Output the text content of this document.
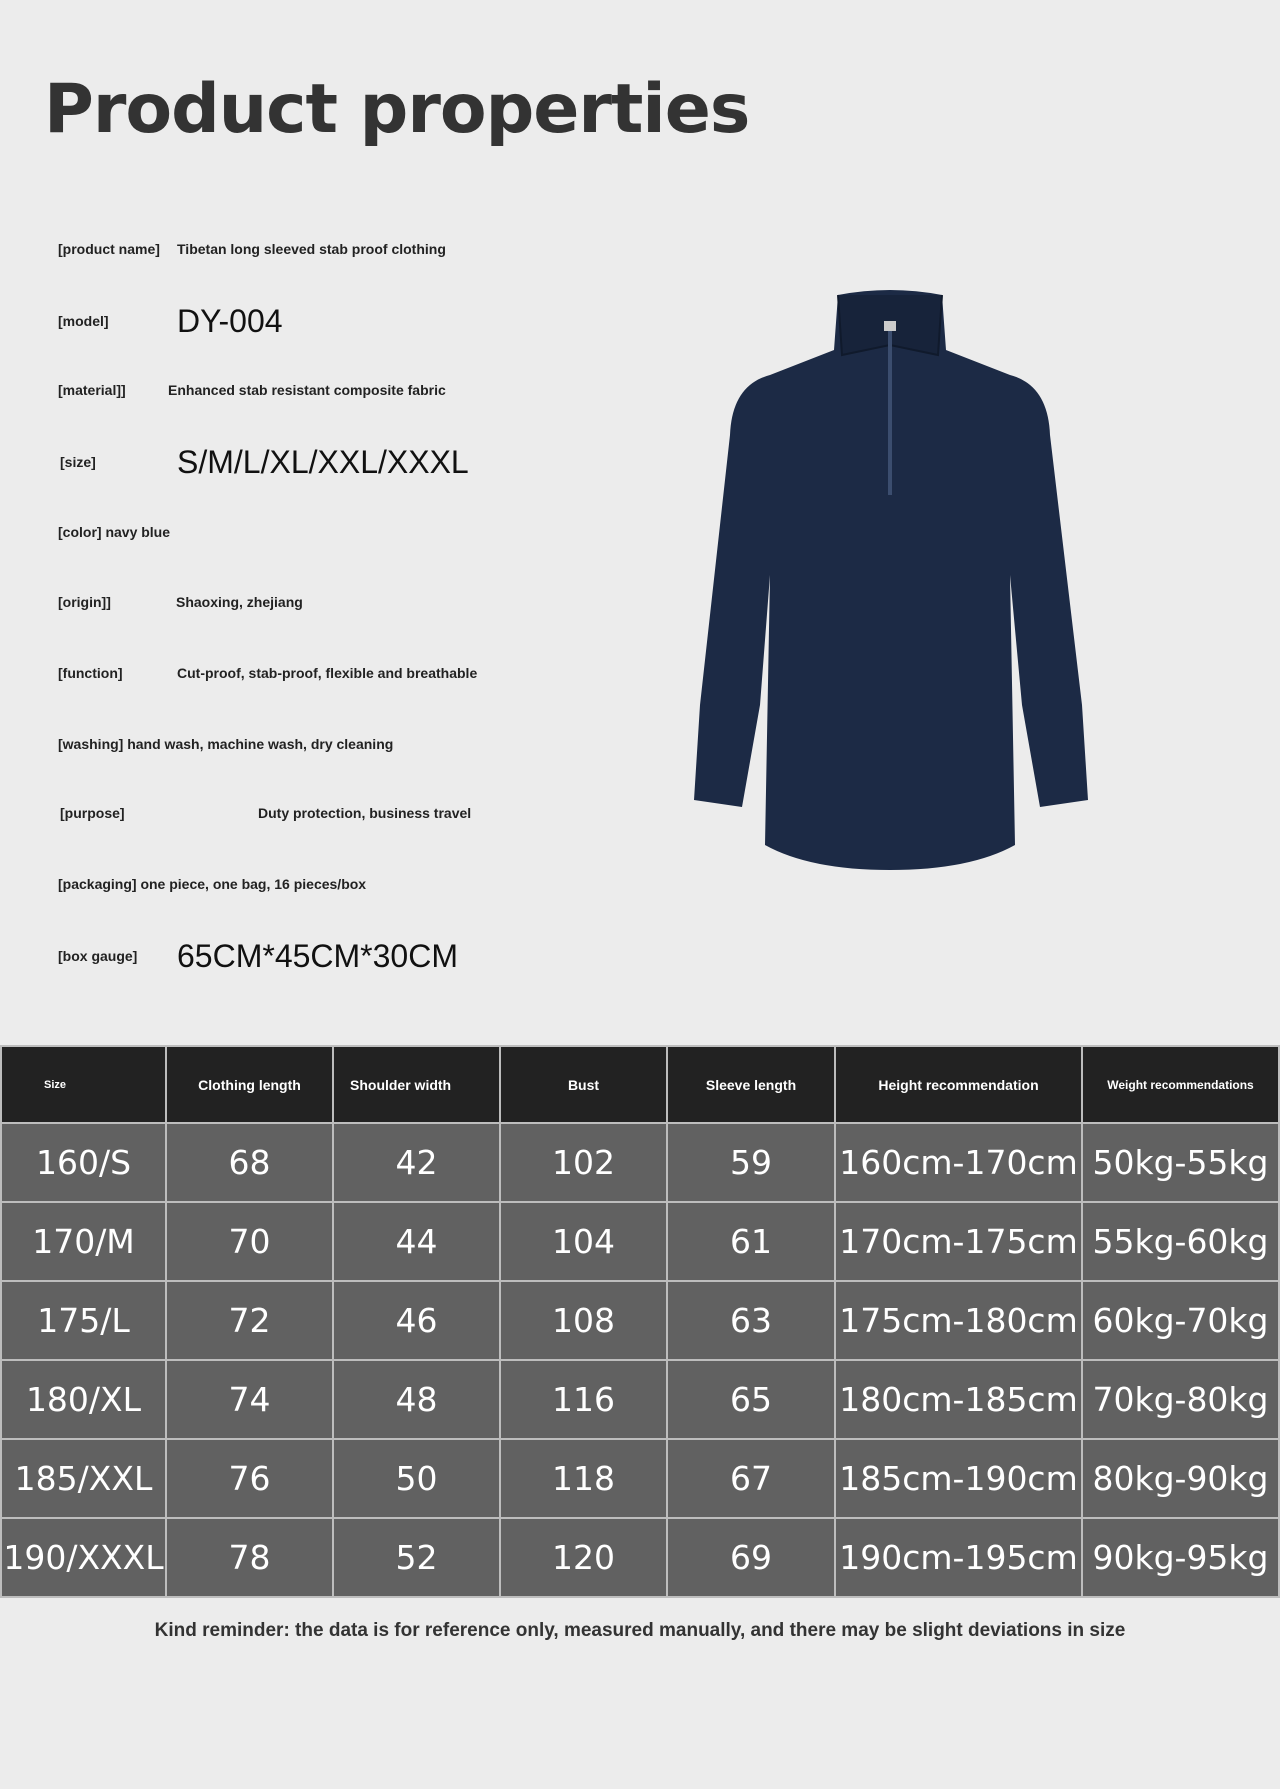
Product properties
[product name] Tibetan long sleeved stab proof clothing
[model] DY-004
[material]]	Enhanced stab resistant composite fabric
[size]	S/M/L/XL/XXL/XXXL
[color] navy blue
[origin]]	Shaoxing, zhejiang
[function]	Cut-proof, stab-proof, flexible and breathable
[washing] hand wash, machine wash, dry cleaning
[purpose]	Duty protection, business travel
[packaging] one piece, one bag, 16 pieces/box
[box gauge] 65CM*45CM*30CM
Size	Clothing length	Shoulder width	Bust	Sleeve length	Height recommendation	Weight recommendations
160/S	68	42	102	59	160cm-170cm	50kg-55kg
170/M	70	44	104	61	170cm-175cm	55kg-60kg
175/L	72	46	108	63	175cm-180cm	60kg-70kg
180/XL	74	48	116	65	180cm-185cm	70kg-80kg
185/XXL	76	50	118	67	185cm-190cm	80kg-90kg
190/XXXL	78	52	120	69	190cm-195cm	90kg-95kg
Kind reminder: the data is for reference only, measured manually, and there may be slight deviations in size
